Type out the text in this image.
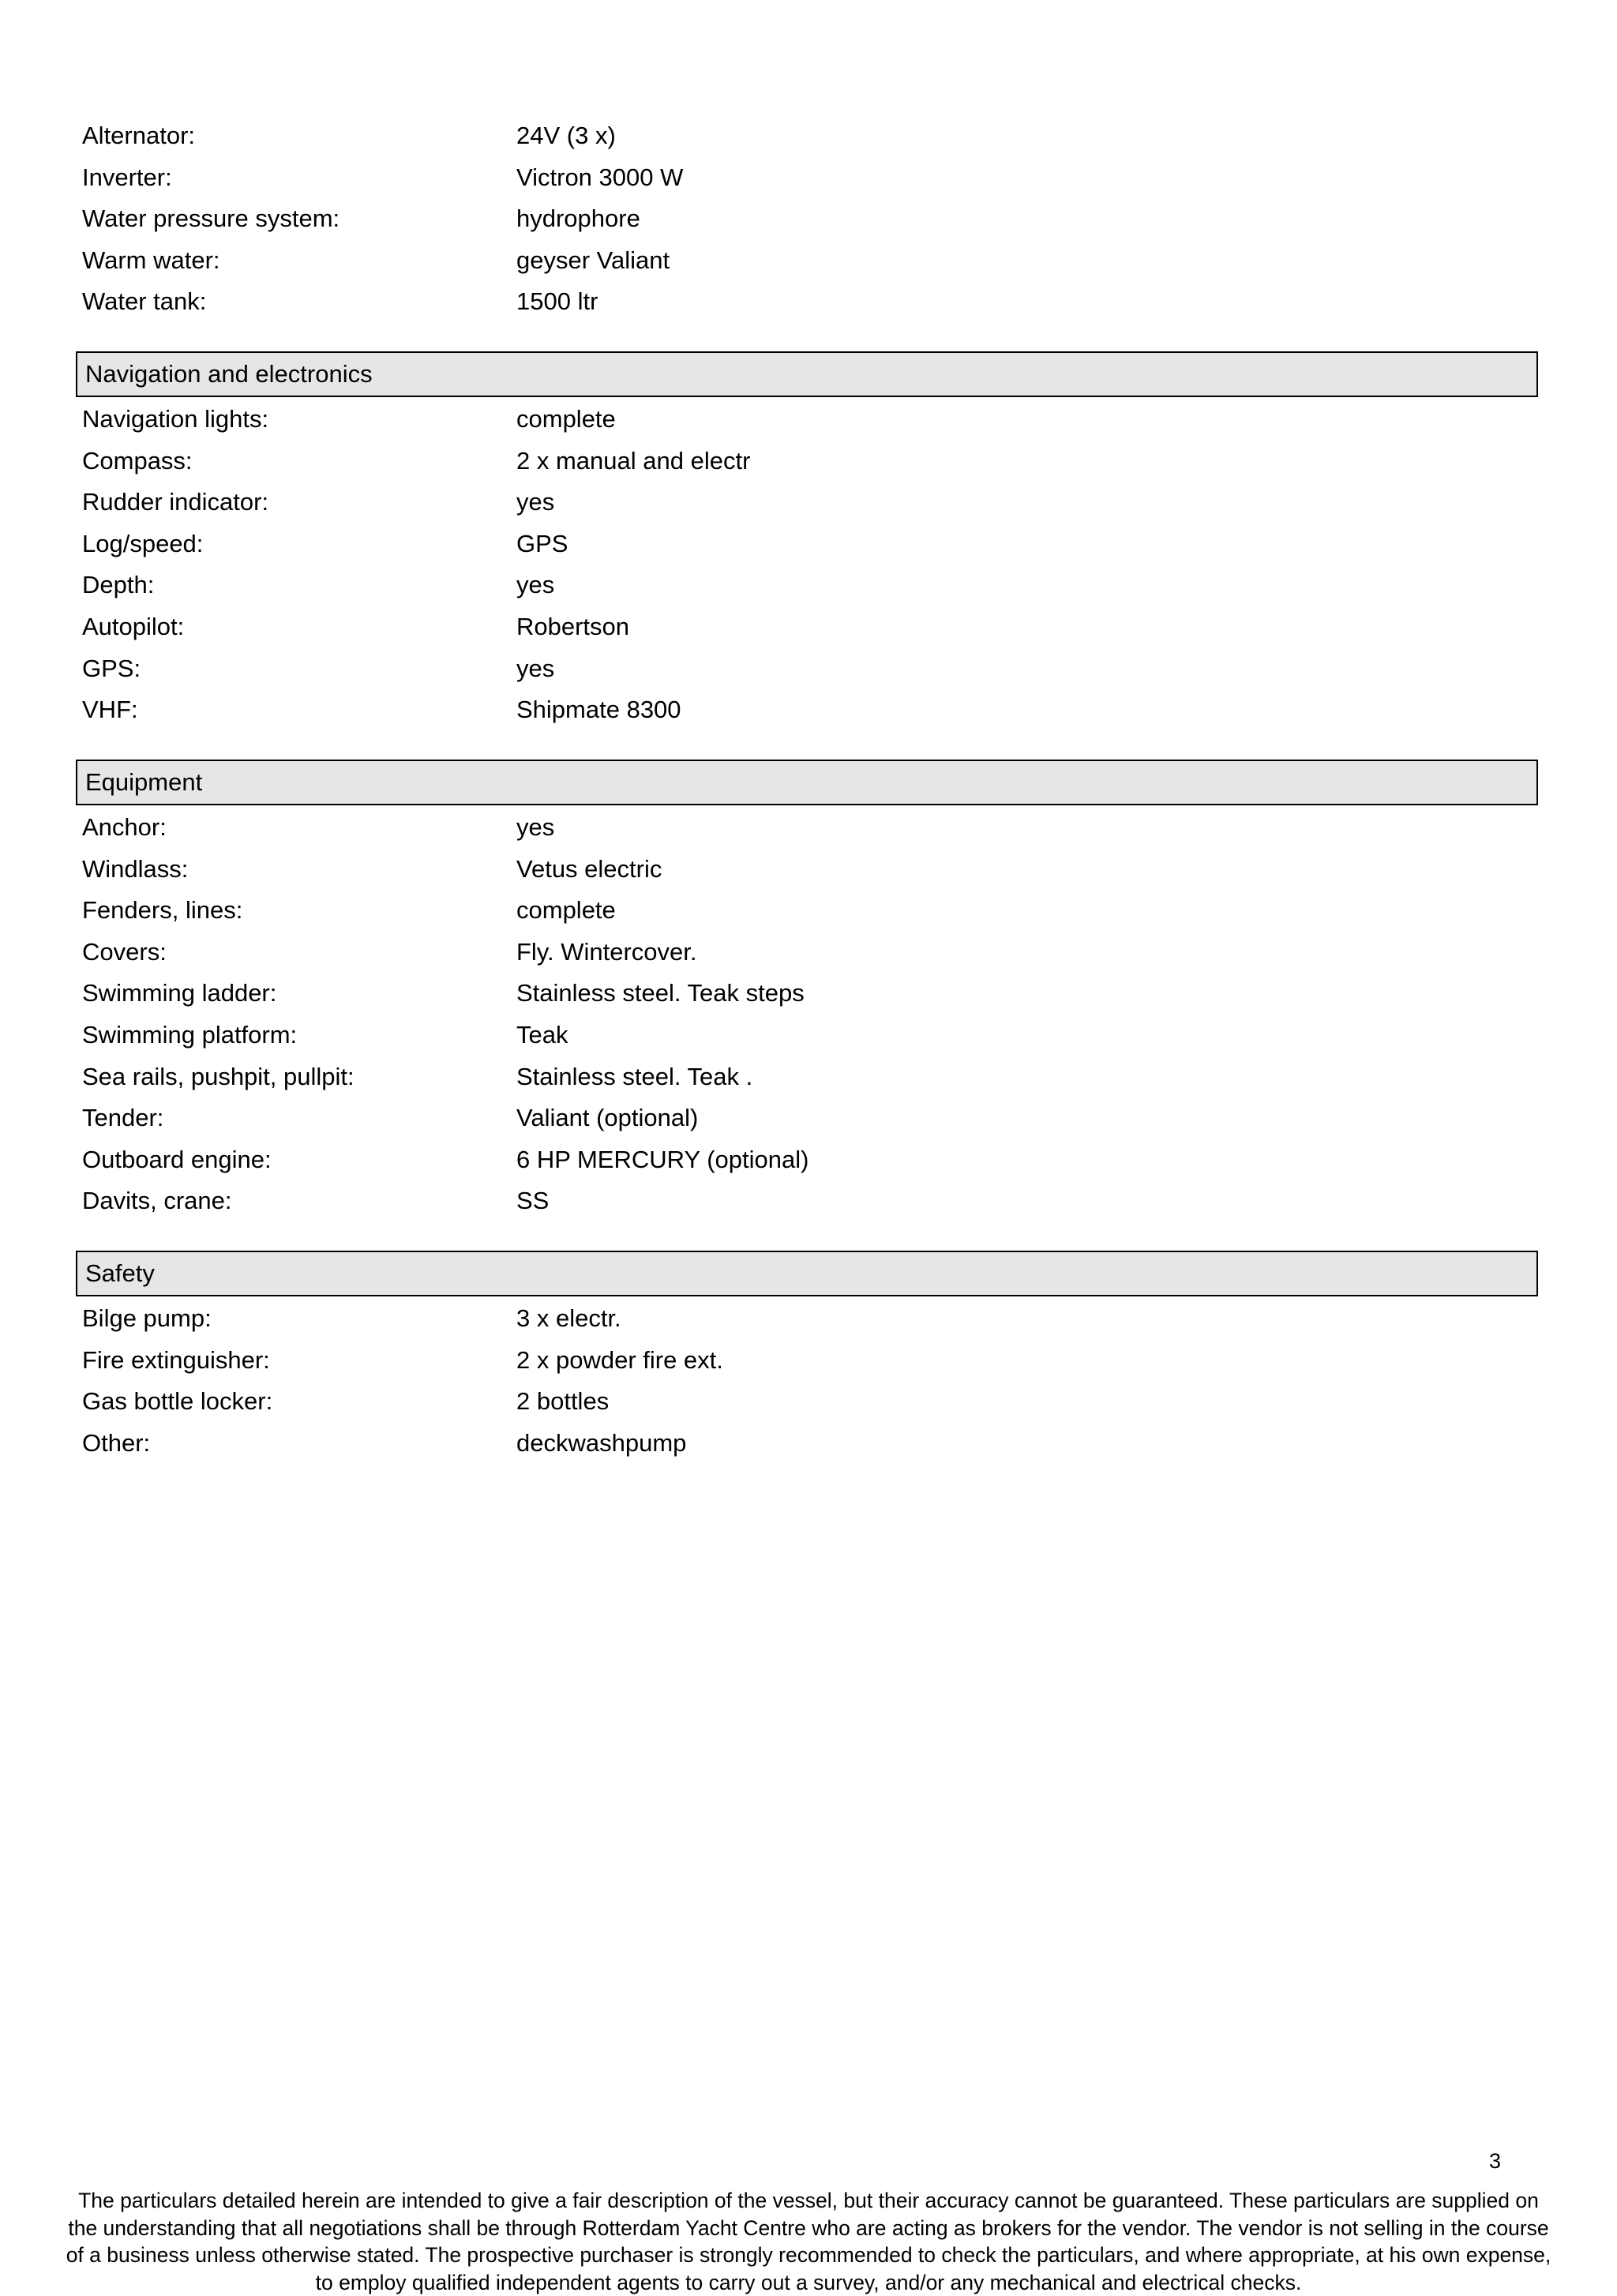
Alternator:	24V (3 x)
Inverter:	Victron 3000 W
Water pressure system:	hydrophore
Warm water:	geyser Valiant
Water tank:	1500 ltr
Navigation and electronics
Navigation lights:	complete
Compass:	2 x manual and electr
Rudder indicator:	yes
Log/speed:	GPS
Depth:	yes
Autopilot:	Robertson
GPS:	yes
VHF:	Shipmate 8300
Equipment
Anchor:	yes
Windlass:	Vetus electric
Fenders, lines:	complete
Covers:	Fly. Wintercover.
Swimming ladder:	Stainless steel. Teak steps
Swimming platform:	Teak
Sea rails, pushpit, pullpit:	Stainless steel. Teak .
Tender:	Valiant (optional)
Outboard engine:	6 HP MERCURY (optional)
Davits, crane:	SS
Safety
Bilge pump:	3 x electr.
Fire extinguisher:	2 x powder fire ext.
Gas bottle locker:	2 bottles
Other:	deckwashpump
3
The particulars detailed herein are intended to give a fair description of the vessel, but their accuracy cannot be guaranteed. These particulars are supplied on the understanding that all negotiations shall be through Rotterdam Yacht Centre who are acting as brokers for the vendor. The vendor is not selling in the course of a business unless otherwise stated. The prospective purchaser is strongly recommended to check the particulars, and where appropriate, at his own expense, to employ qualified independent agents to carry out a survey, and/or any mechanical and electrical checks.
